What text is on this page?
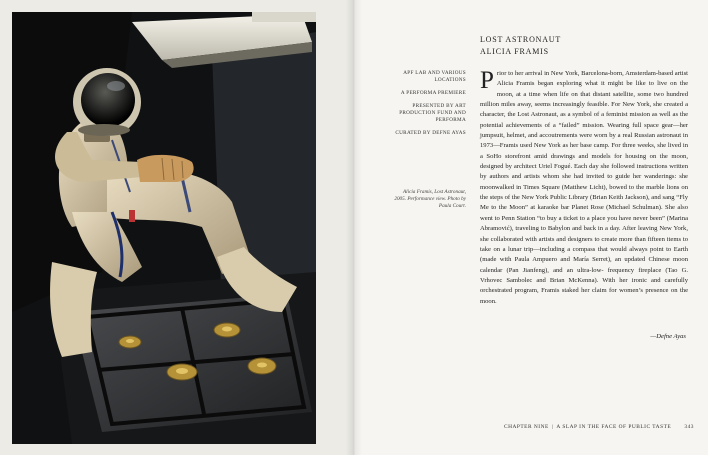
APF LAB AND VARIOUS LOCATIONS
A PERFORMA PREMIERE
PRESENTED BY ART PRODUCTION FUND AND PERFORMA
CURATED BY DEFNE AYAS
Alicia Framis, Lost Astronaut, 2005. Performance view. Photo by Paula Court.
LOST ASTRONAUT
ALICIA FRAMIS

Prior to her arrival in New York, Barcelona-born, Amsterdam-based artist Alicia Framis began exploring what it might be like to live on the moon, at a time when life on that distant satellite, some two hundred million miles away, seems increasingly feasible. For New York, she created a character, the Lost Astronaut, as a symbol of a feminist mission as well as the potential achievements of a “failed” mission. Wearing full space gear—her jumpsuit, helmet, and accoutrements were worn by a real Russian astronaut in 1973—Framis used New York as her base camp. For three weeks, she lived in a SoHo storefront amid drawings and models for housing on the moon, designed by architect Uriel Fogué. Each day she followed instructions written by authors and artists whom she had invited to guide her wanderings: she moonwalked in Times Square (Matthew Licht), bowed to the marble lions on the steps of the New York Public Library (Brian Keith Jackson), and sang “Fly Me to the Moon” at karaoke bar Planet Rose (Michael Schulman). She also went to Penn Station “to buy a ticket to a place you have never been” (Marina Abramović), traveling to Babylon and back in a day. After leaving New York, she collaborated with artists and designers to create more than fifteen items to take on a lunar trip—including a compass that would always point to Earth (made with Paula Ampuero and María Serret), an updated Chinese moon calendar (Pan Jianfeng), and an ultra-low- frequency fireplace (Tao G. Vrhovec Sambolec and Brian McKenna). With her ironic and carefully orchestrated program, Framis staked her claim for women’s presence on the moon.

—Defne Ayas
CHAPTER NINE | A SLAP IN THE FACE OF PUBLIC TASTE 343
